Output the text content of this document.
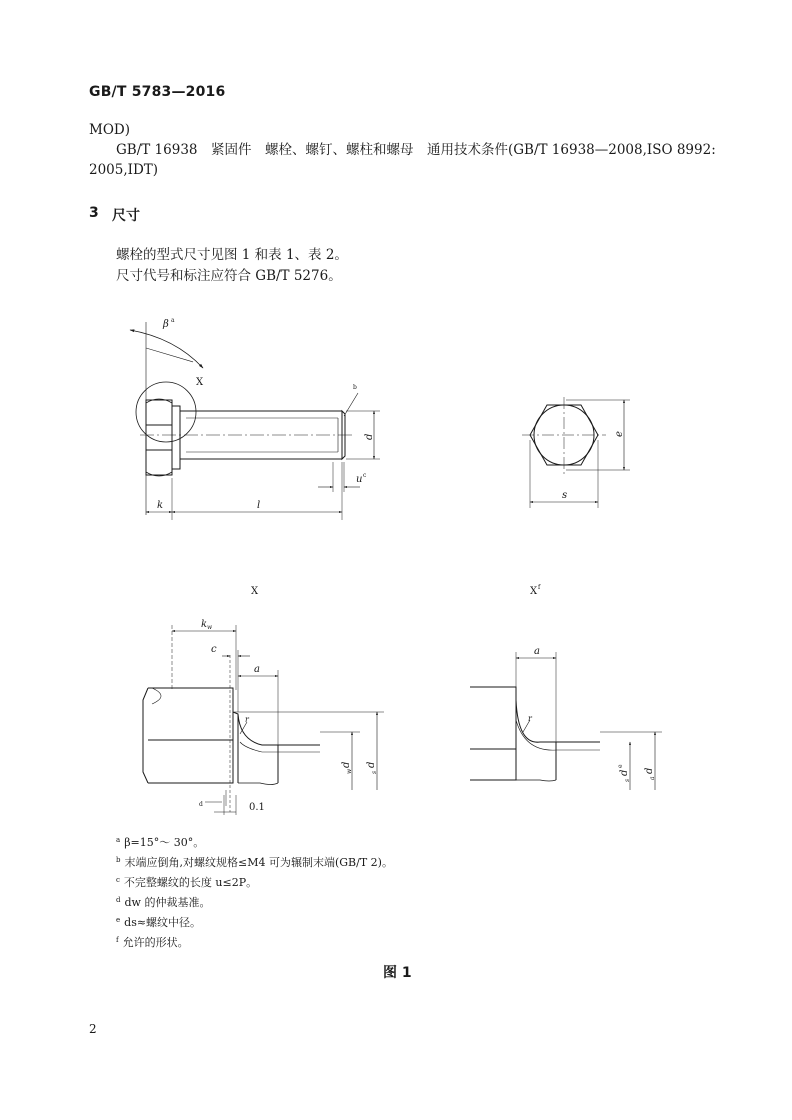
GB/T 5783—2016
MOD)
GB/T 16938　紧固件　螺栓、螺钉、螺柱和螺母　通用技术条件(GB/T 16938—2008,ISO 8992:
2005,IDT)
3 尺寸
螺栓的型式尺寸见图 1 和表 1、表 2。
尺寸代号和标注应符合 GB/T 5276。
β a
X	b
d
u c
k	l
e
s
X
k w
c
a
r
d
w
d
s
d	0.1
X f
a
r
d
s
e
d
a
$^a$ β=15°～ 30°。
$^b$ 末端应倒角,对螺纹规格≤M4 可为辗制末端(GB/T 2)。
$^c$ 不完整螺纹的长度 u≤2P。
$^d$ dw 的仲裁基准。
$^e$ ds≈螺纹中径。
$^f$ 允许的形状。
图 1
2
